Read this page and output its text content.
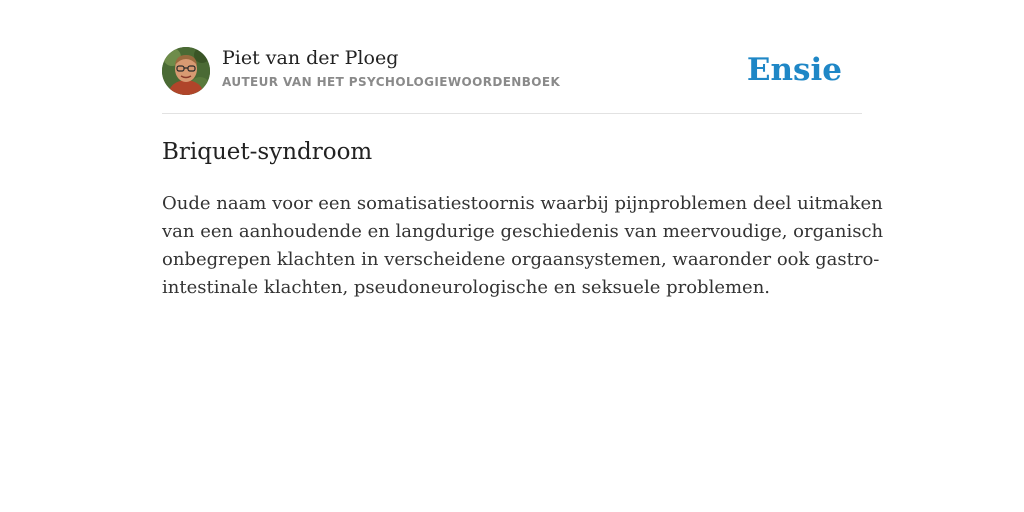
Piet van der Ploeg
AUTEUR VAN HET PSYCHOLOGIEWOORDENBOEK	Ensie
Briquet-syndroom
Oude naam voor een somatisatiestoornis waarbij pijnproblemen deel uitmaken
van een aanhoudende en langdurige geschiedenis van meervoudige, organisch
onbegrepen klachten in verscheidene orgaansystemen, waaronder ook gastro-
intestinale klachten, pseudoneurologische en seksuele problemen.
